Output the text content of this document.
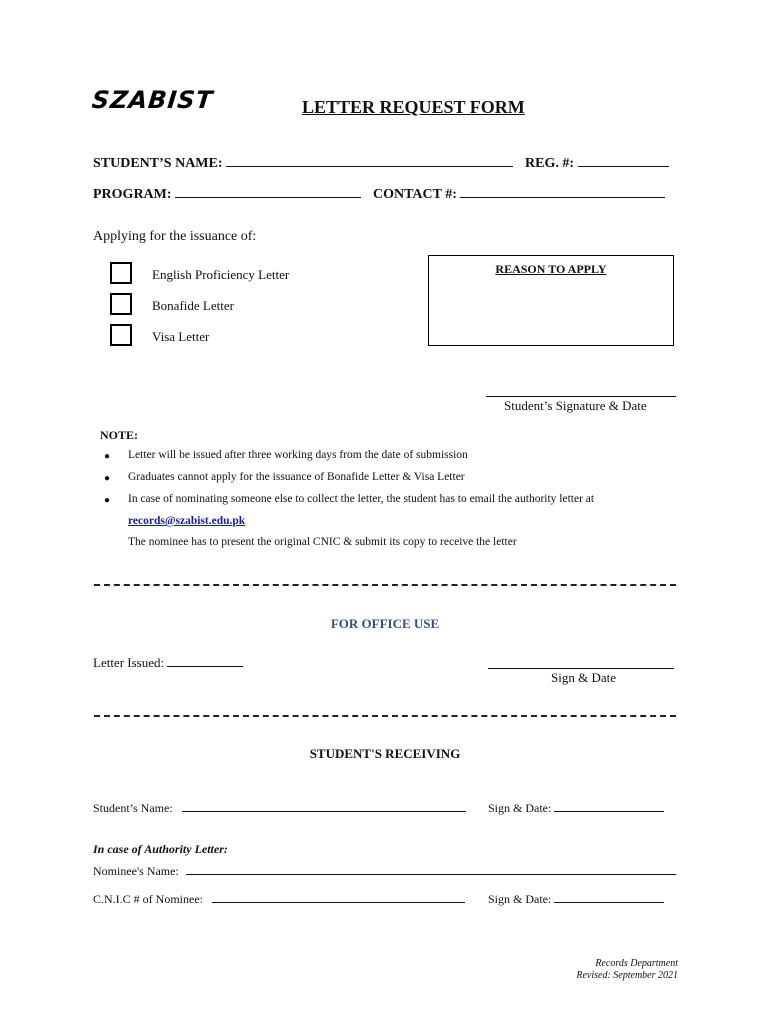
SZABIST	LETTER REQUEST FORM
STUDENT’S NAME:	REG. #:
PROGRAM:	CONTACT #:
Applying for the issuance of:
English Proficiency Letter
Bonafide Letter
Visa Letter
REASON TO APPLY
Student’s Signature & Date
NOTE:
● Letter will be issued after three working days from the date of submission
● Graduates cannot apply for the issuance of Bonafide Letter & Visa Letter
● In case of nominating someone else to collect the letter, the student has to email the authority letter at
records@szabist.edu.pk
The nominee has to present the original CNIC & submit its copy to receive the letter
FOR OFFICE USE
Letter Issued:
Sign & Date
STUDENT'S RECEIVING
Student’s Name:	Sign & Date:
In case of Authority Letter:
Nominee's Name:
C.N.I.C # of Nominee:	Sign & Date:
Records Department
Revised: September 2021
